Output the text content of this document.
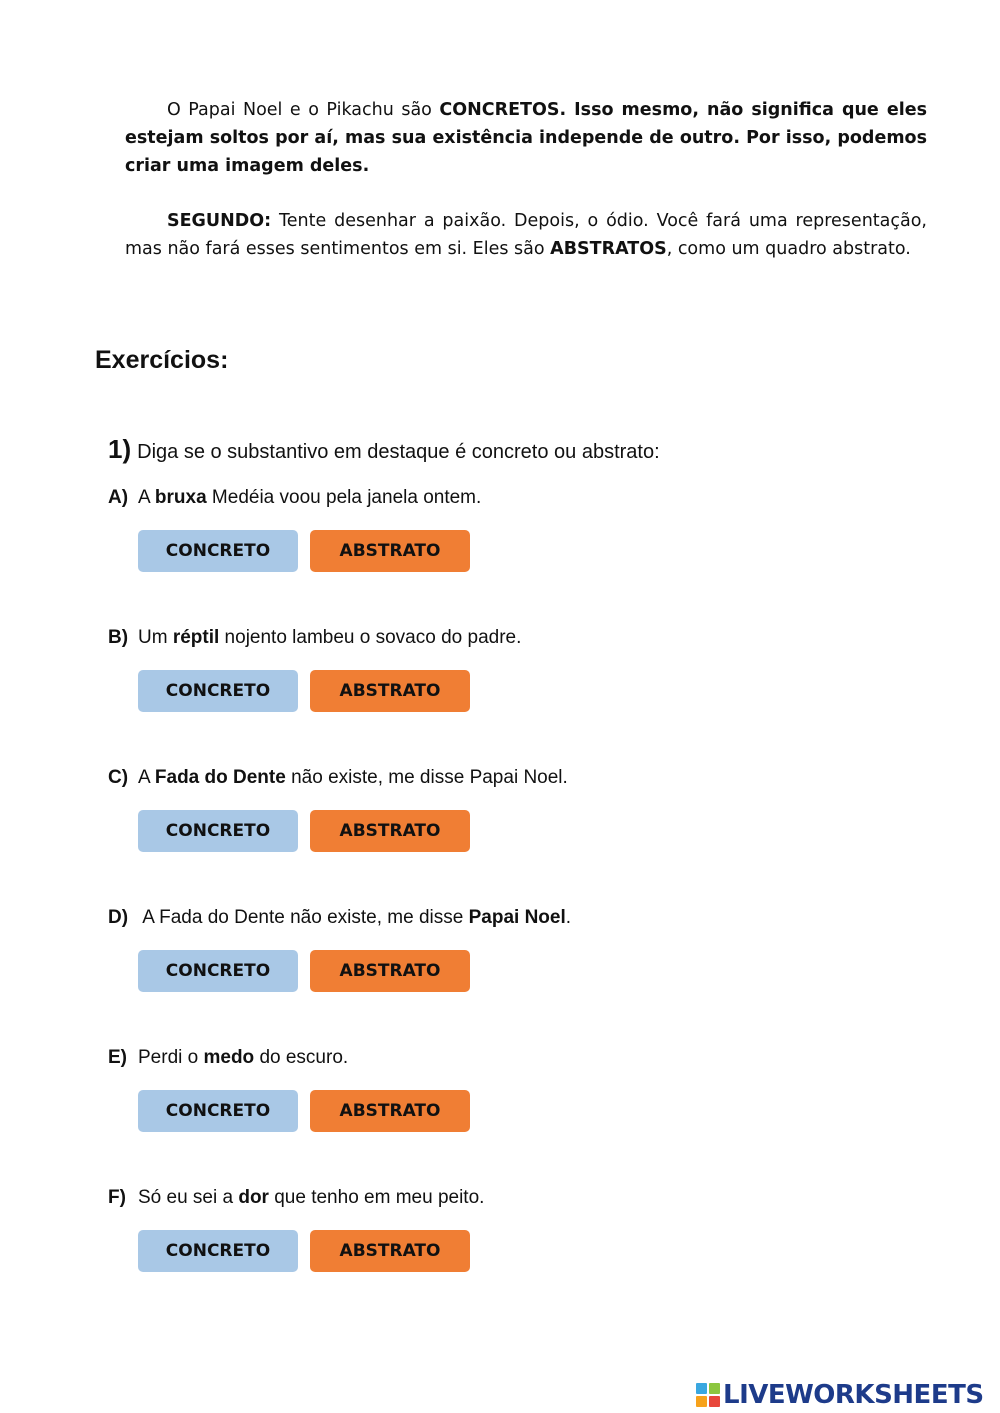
O Papai Noel e o Pikachu são CONCRETOS. Isso mesmo, não significa que eles estejam soltos por aí, mas sua existência independe de outro. Por isso, podemos criar uma imagem deles.

SEGUNDO: Tente desenhar a paixão. Depois, o ódio. Você fará uma representação, mas não fará esses sentimentos em si. Eles são ABSTRATOS, como um quadro abstrato.

Exercícios:

1) Diga se o substantivo em destaque é concreto ou abstrato:

A) A bruxa Medéia voou pela janela ontem.

CONCRETO	ABSTRATO

B) Um réptil nojento lambeu o sovaco do padre.

CONCRETO	ABSTRATO

C) A Fada do Dente não existe, me disse Papai Noel.

CONCRETO	ABSTRATO

D) A Fada do Dente não existe, me disse Papai Noel.

CONCRETO	ABSTRATO

E) Perdi o medo do escuro.

CONCRETO	ABSTRATO

F) Só eu sei a dor que tenho em meu peito.

CONCRETO	ABSTRATO
LIVEWORKSHEETS
